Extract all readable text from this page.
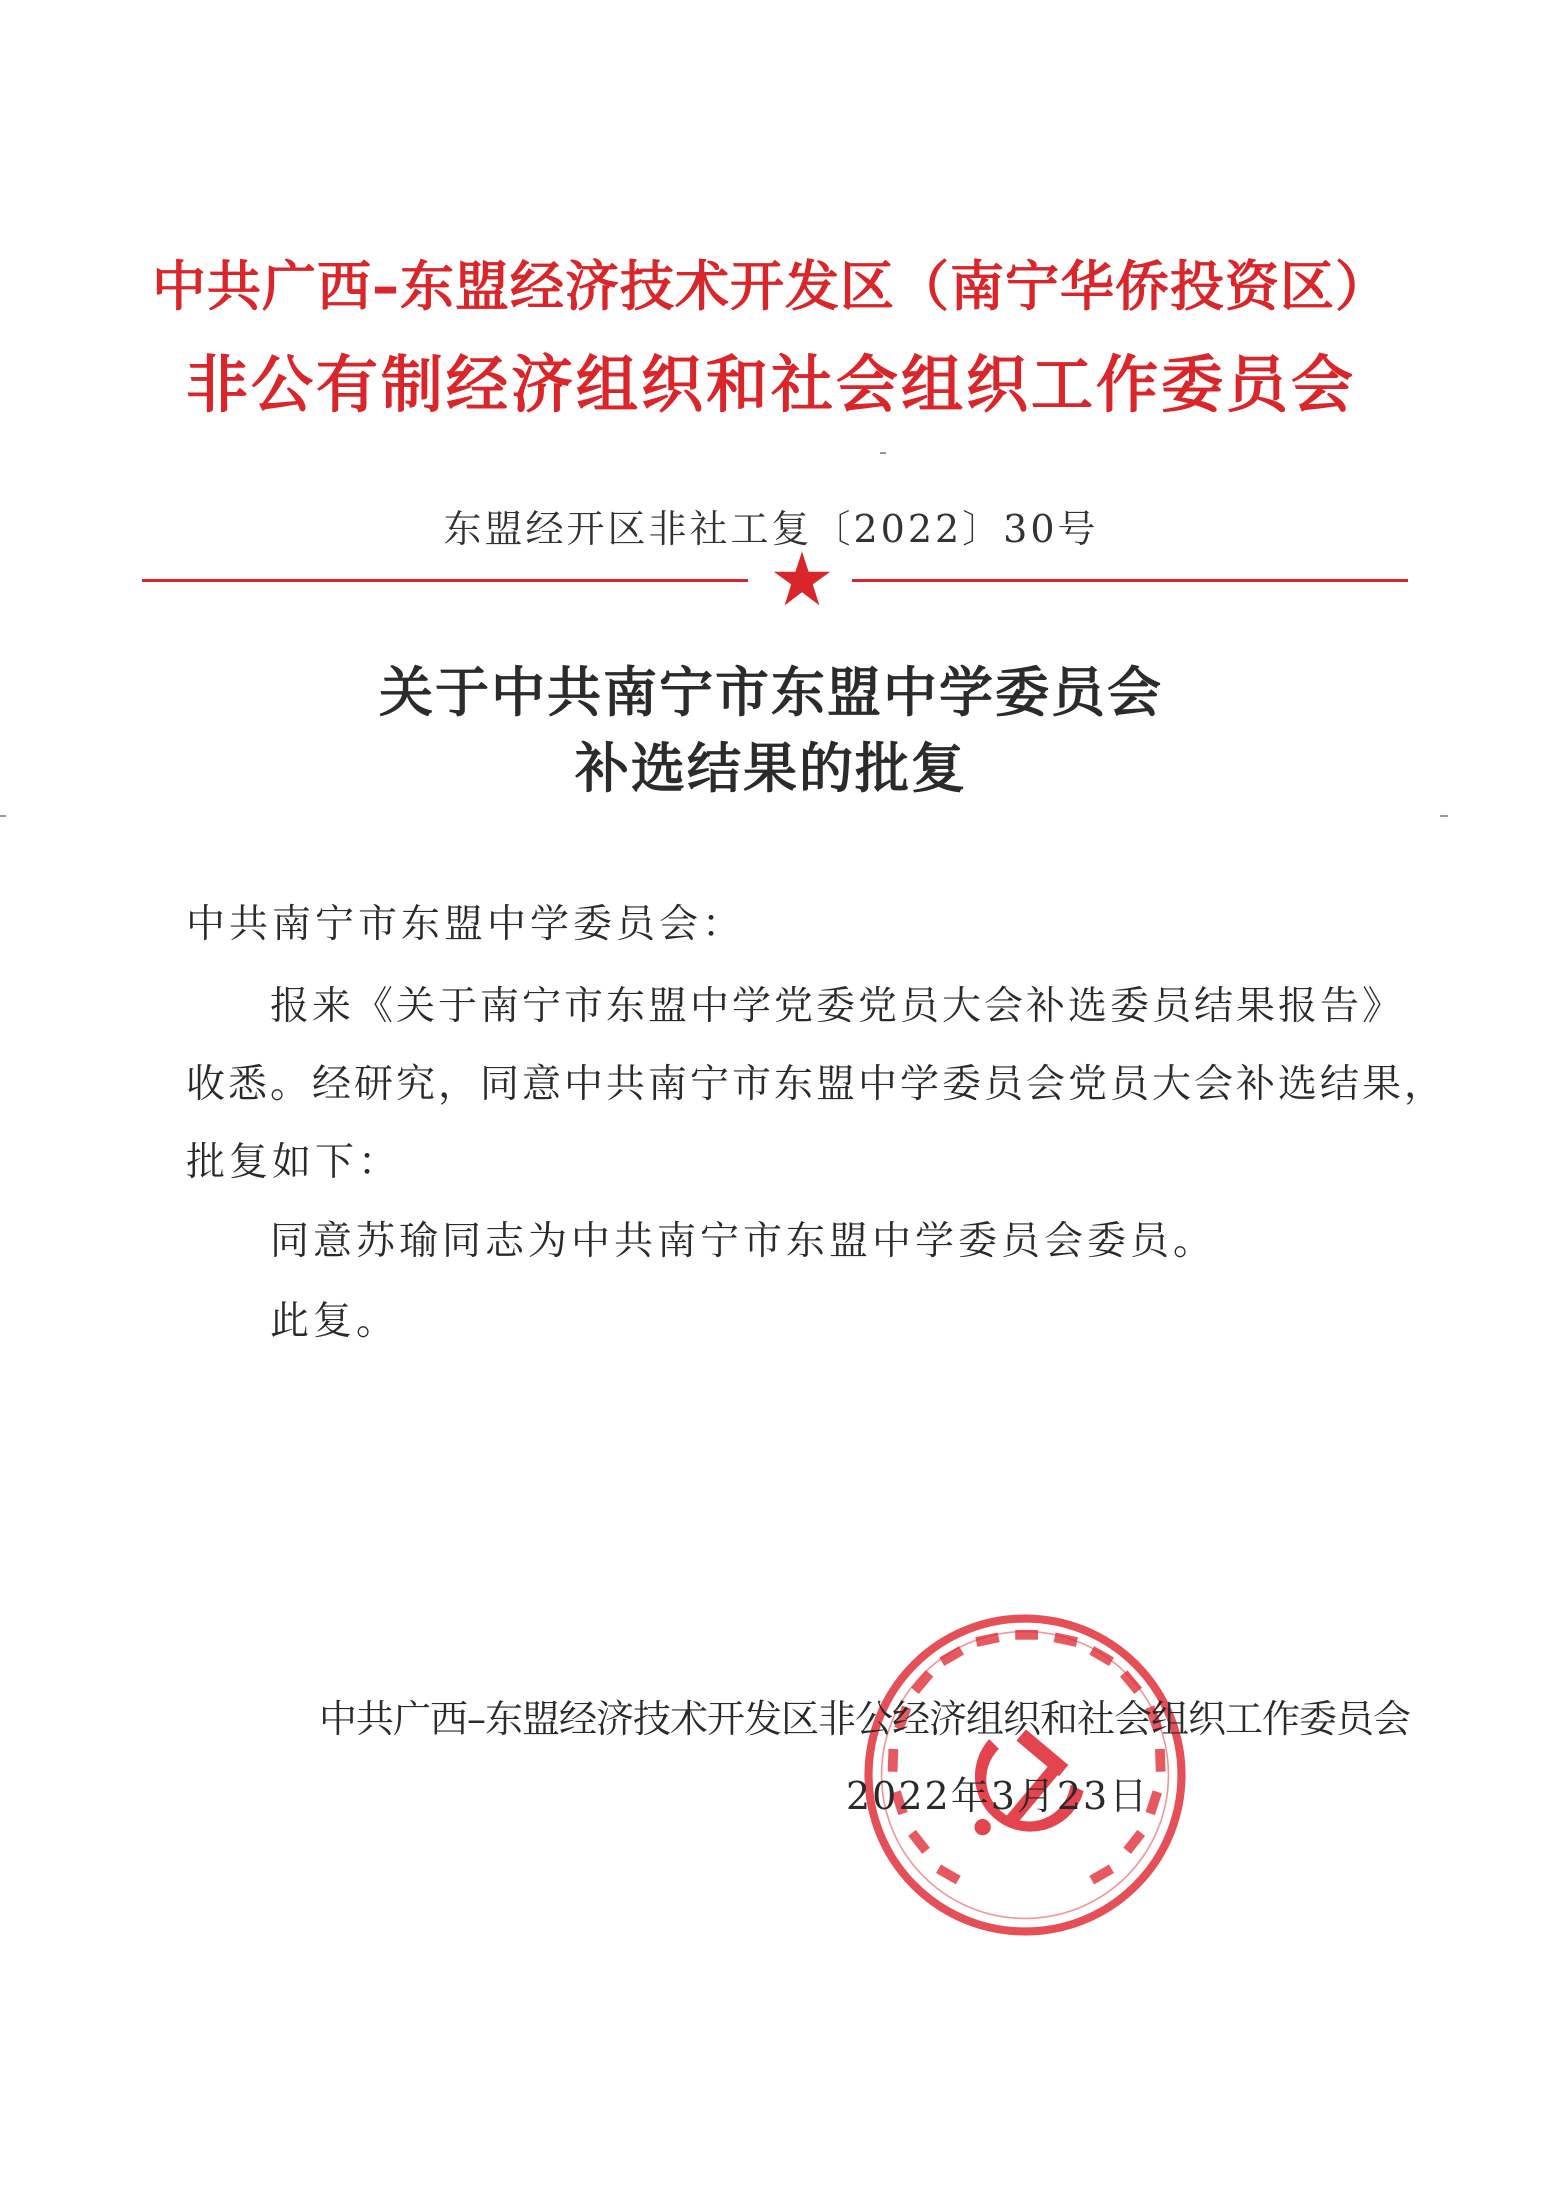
中共广西–东盟经济技术开发区（南宁华侨投资区）
非公有制经济组织和社会组织工作委员会
东盟经开区非社工复〔2022〕30号
关于中共南宁市东盟中学委员会
补选结果的批复
中共南宁市东盟中学委员会：
报来《关于南宁市东盟中学党委党员大会补选委员结果报告》
收悉。经研究，同意中共南宁市东盟中学委员会党员大会补选结果，
批复如下：
同意苏瑜同志为中共南宁市东盟中学委员会委员。
此复。
中共广西–东盟经济技术开发区非公经济组织和社会组织工作委员会
2022年3月23日
